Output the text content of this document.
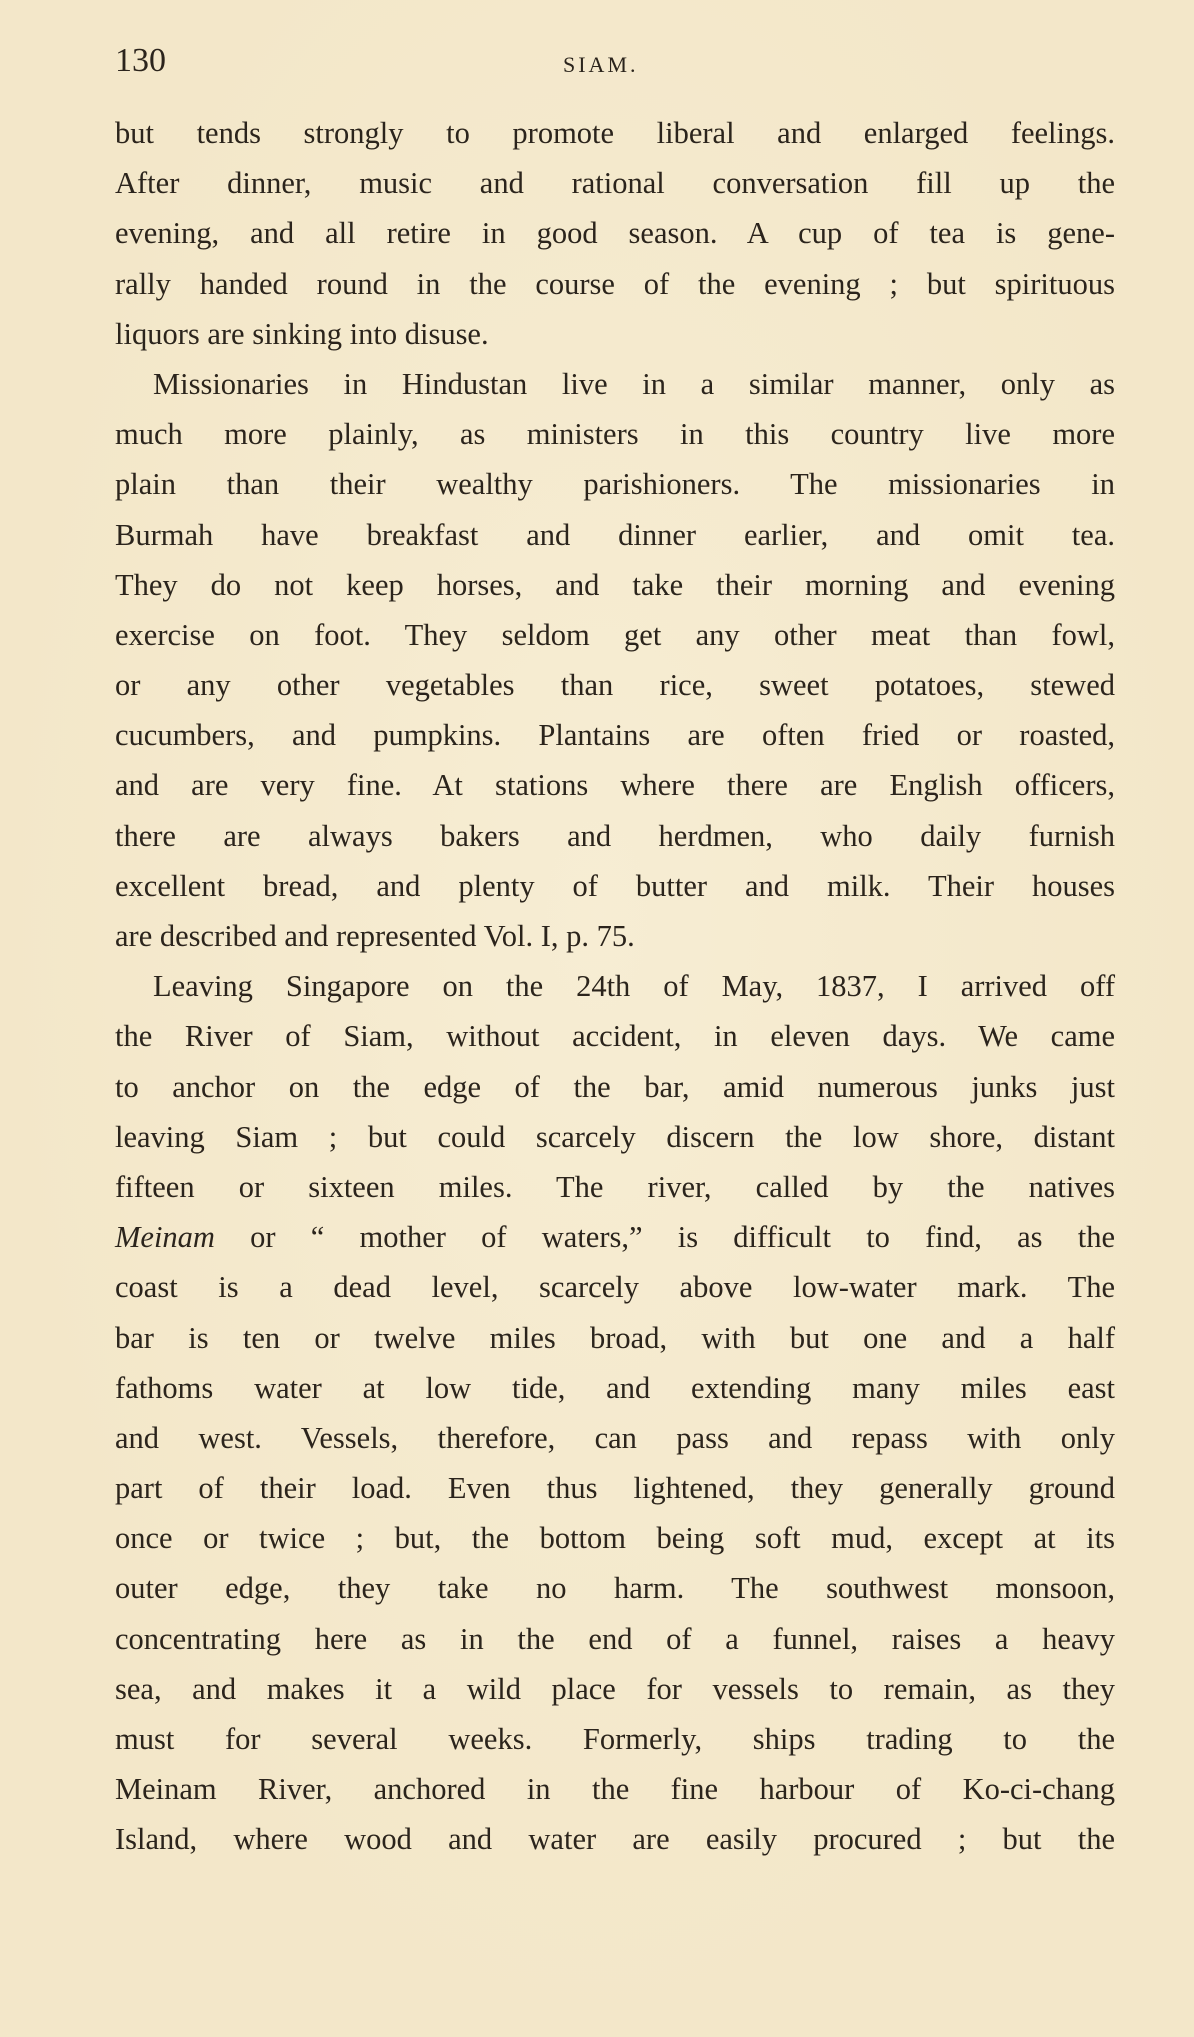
130	SIAM.
but tends strongly to promote liberal and enlarged feelings.
After dinner, music and rational conversation fill up the
evening, and all retire in good season. A cup of tea is gene-
rally handed round in the course of the evening ; but spirituous
liquors are sinking into disuse.
Missionaries in Hindustan live in a similar manner, only as
much more plainly, as ministers in this country live more
plain than their wealthy parishioners. The missionaries in
Burmah have breakfast and dinner earlier, and omit tea.
They do not keep horses, and take their morning and evening
exercise on foot. They seldom get any other meat than fowl,
or any other vegetables than rice, sweet potatoes, stewed
cucumbers, and pumpkins. Plantains are often fried or roasted,
and are very fine. At stations where there are English officers,
there are always bakers and herdmen, who daily furnish
excellent bread, and plenty of butter and milk. Their houses
are described and represented Vol. I, p. 75.
Leaving Singapore on the 24th of May, 1837, I arrived off
the River of Siam, without accident, in eleven days. We came
to anchor on the edge of the bar, amid numerous junks just
leaving Siam ; but could scarcely discern the low shore, distant
fifteen or sixteen miles. The river, called by the natives
Meinam or “ mother of waters,” is difficult to find, as the
coast is a dead level, scarcely above low-water mark. The
bar is ten or twelve miles broad, with but one and a half
fathoms water at low tide, and extending many miles east
and west. Vessels, therefore, can pass and repass with only
part of their load. Even thus lightened, they generally ground
once or twice ; but, the bottom being soft mud, except at its
outer edge, they take no harm. The southwest monsoon,
concentrating here as in the end of a funnel, raises a heavy
sea, and makes it a wild place for vessels to remain, as they
must for several weeks. Formerly, ships trading to the
Meinam River, anchored in the fine harbour of Ko-ci-chang
Island, where wood and water are easily procured ; but the
